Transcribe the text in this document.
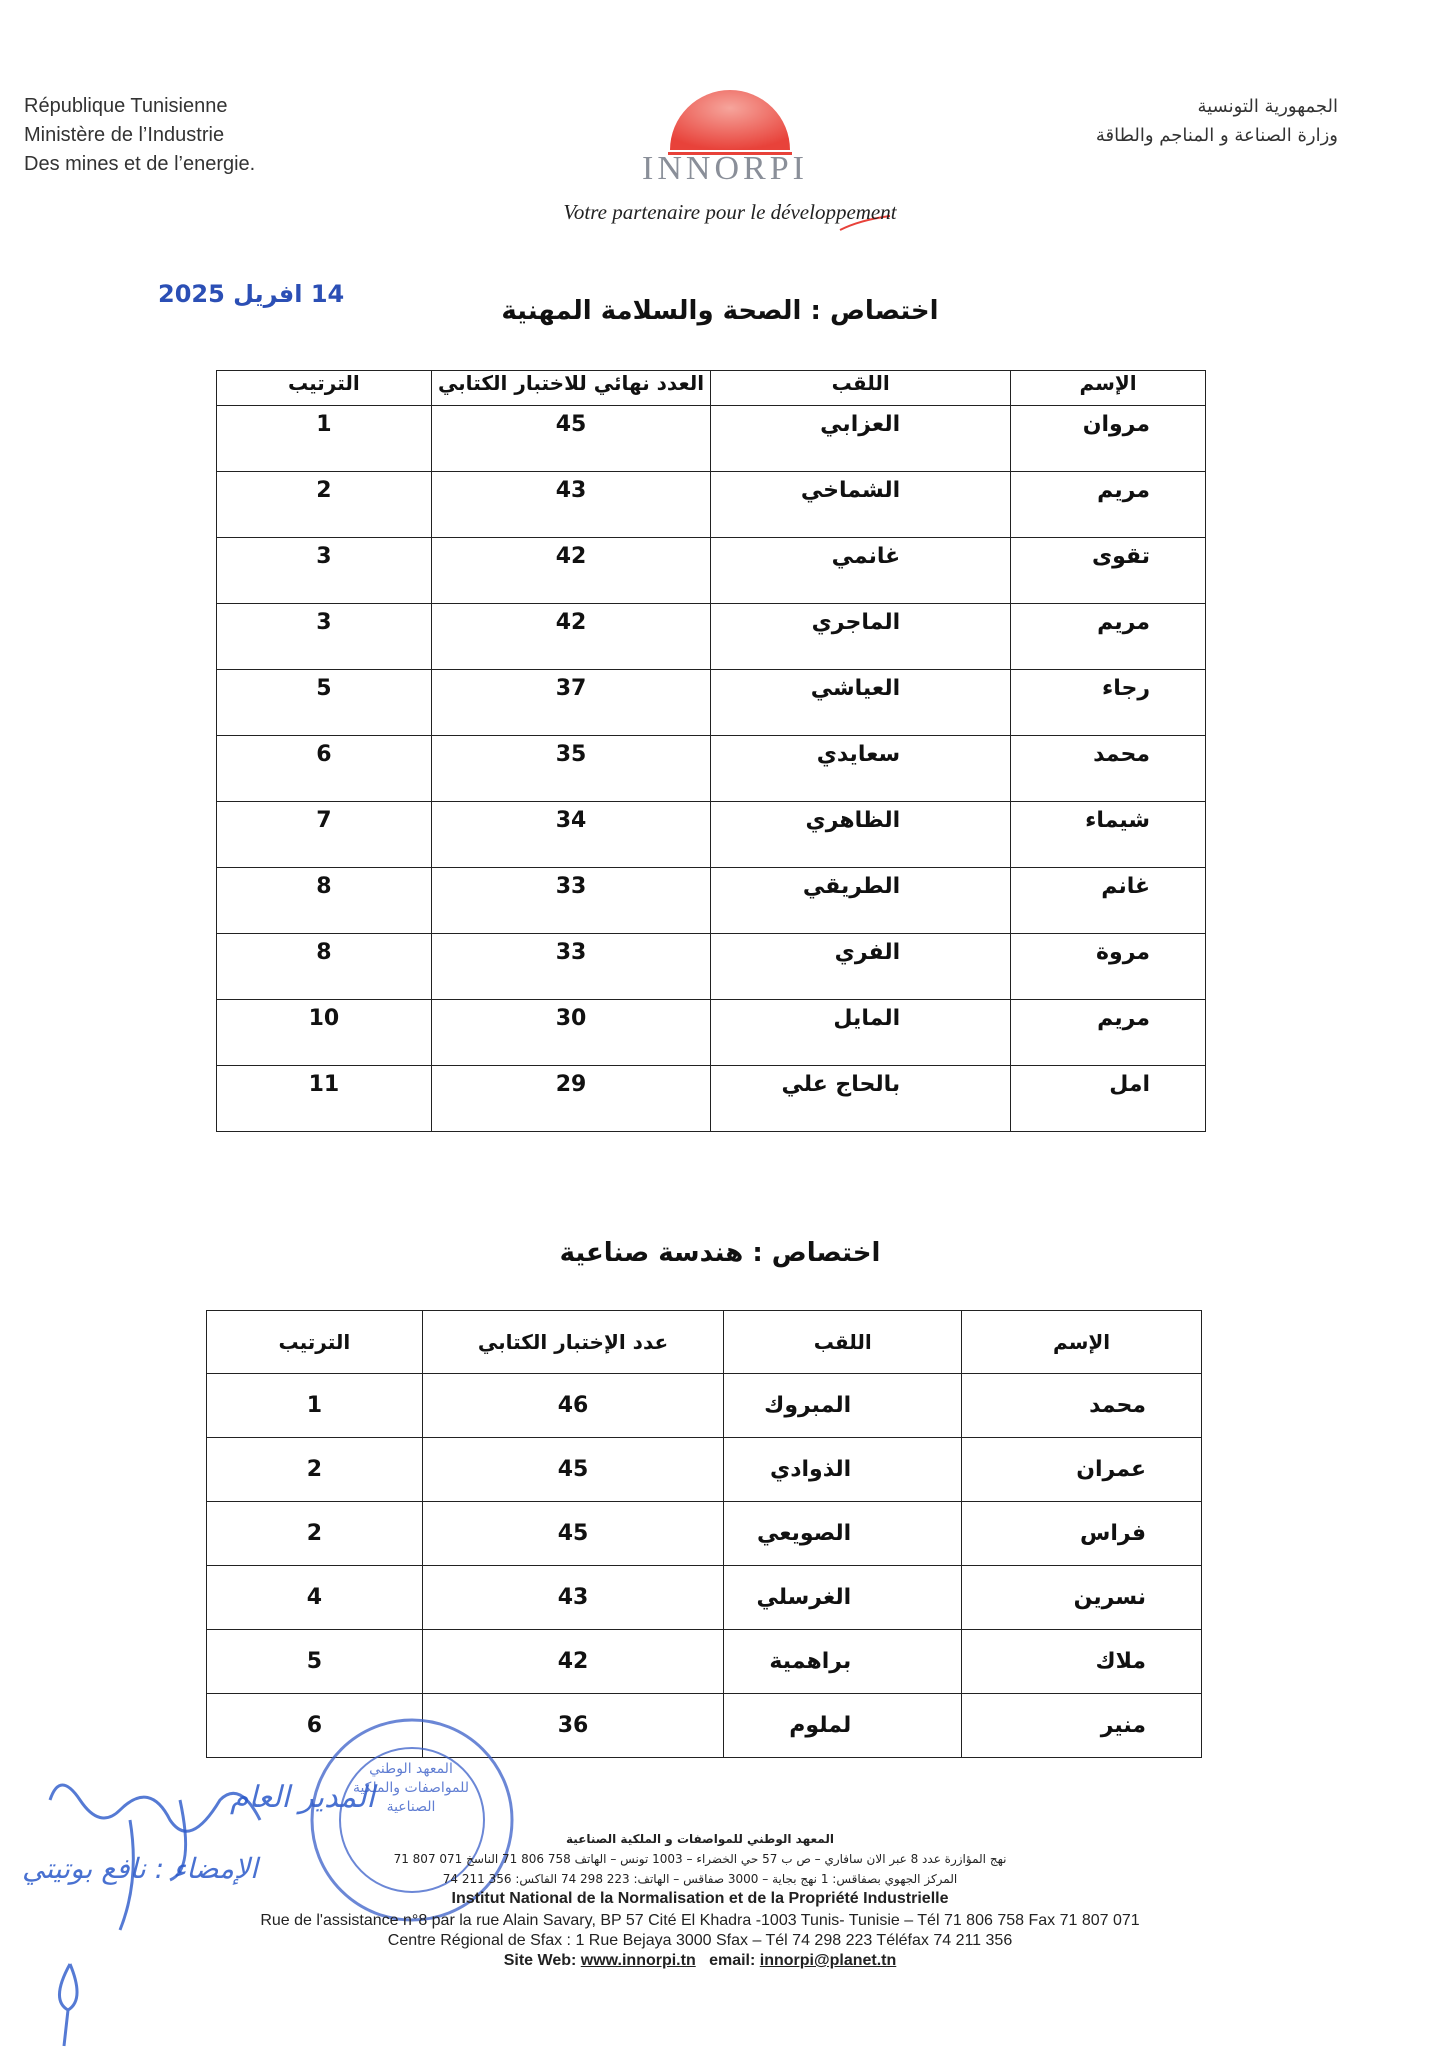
République Tunisienne
Ministère de l’Industrie
Des mines et de l’energie.
الجمهورية التونسية
وزارة الصناعة و المناجم والطاقة
INNORPI
Votre partenaire pour le développement
14 افريل 2025
اختصاص : الصحة والسلامة المهنية
الإسم	اللقب	العدد نهائي للاختبار الكتابي	الترتيب
مروان	العزابي	45	1
مريم	الشماخي	43	2
تقوى	غانمي	42	3
مريم	الماجري	42	3
رجاء	العياشي	37	5
محمد	سعايدي	35	6
شيماء	الظاهري	34	7
غانم	الطريقي	33	8
مروة	الفري	33	8
مريم	المايل	30	10
امل	بالحاج علي	29	11
اختصاص : هندسة صناعية
الإسم	اللقب	عدد الإختبار الكتابي	الترتيب
محمد	المبروك	46	1
عمران	الذوادي	45	2
فراس	الصويعي	45	2
نسرين	الغرسلي	43	4
ملاك	براهمية	42	5
منير	لملوم	36	6
المدير العام
الإمضاء : نافع بوتيتي
المعهد الوطني للمواصفات والملكية الصناعية
المعهد الوطني للمواصفات و الملكية الصناعية
نهج المؤازرة عدد 8 عبر الان سافاري – ص ب 57 حي الخضراء – 1003 تونس – الهاتف 758 806 71 الناسخ 071 807 71
المركز الجهوي بصفاقس: 1 نهج بجاية – 3000 صفاقس – الهاتف: 223 298 74 الفاكس: 356 211 74
Institut National de la Normalisation et de la Propriété Industrielle
Rue de l'assistance n°8 par la rue Alain Savary, BP 57 Cité El Khadra -1003 Tunis- Tunisie – Tél 71 806 758 Fax 71 807 071
Centre Régional de Sfax : 1 Rue Bejaya 3000 Sfax – Tél 74 298 223 Téléfax 74 211 356
Site Web: www.innorpi.tn email: innorpi@planet.tn
